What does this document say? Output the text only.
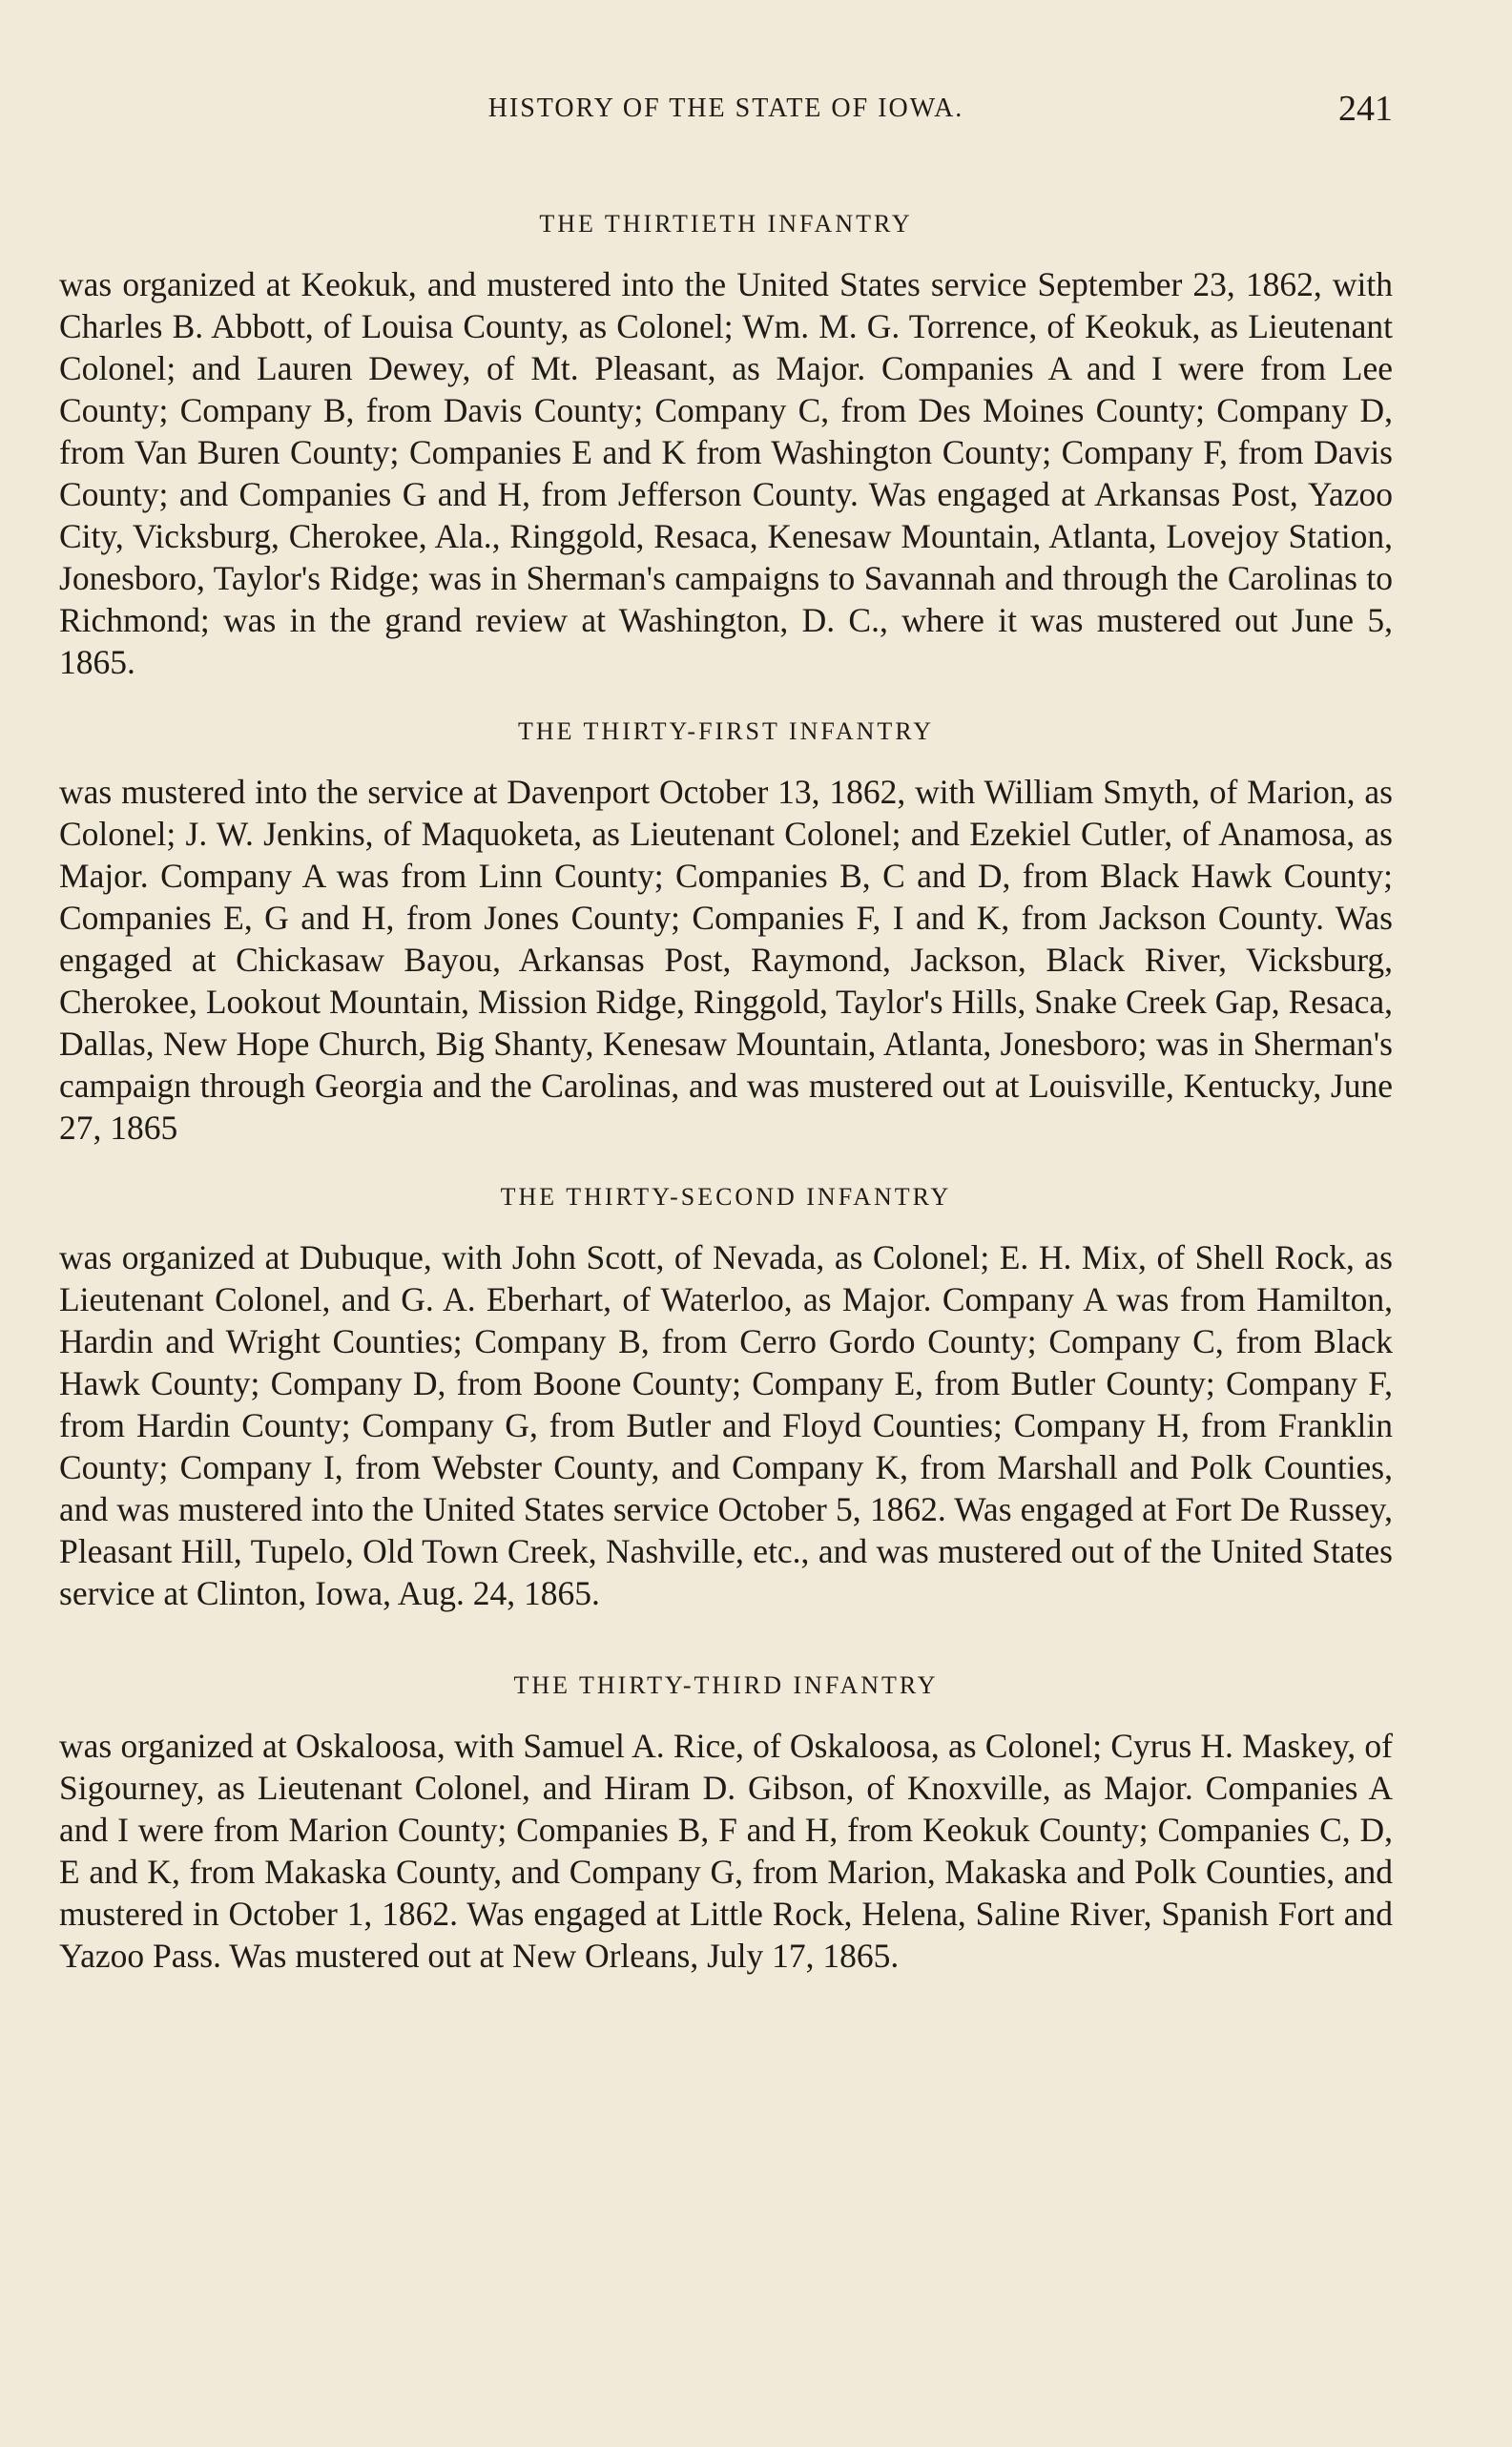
HISTORY OF THE STATE OF IOWA.	241
THE THIRTIETH INFANTRY

was organized at Keokuk, and mustered into the United States service September 23, 1862, with Charles B. Abbott, of Louisa County, as Colonel; Wm. M. G. Torrence, of Keokuk, as Lieutenant Colonel; and Lauren Dewey, of Mt. Pleasant, as Major. Companies A and I were from Lee County; Company B, from Davis County; Company C, from Des Moines County; Company D, from Van Buren County; Companies E and K from Washington County; Company F, from Davis County; and Companies G and H, from Jefferson County. Was engaged at Arkansas Post, Yazoo City, Vicksburg, Cherokee, Ala., Ringgold, Resaca, Kenesaw Mountain, Atlanta, Lovejoy Station, Jonesboro, Taylor's Ridge; was in Sherman's campaigns to Savannah and through the Carolinas to Richmond; was in the grand review at Washington, D. C., where it was mustered out June 5, 1865.

THE THIRTY-FIRST INFANTRY

was mustered into the service at Davenport October 13, 1862, with William Smyth, of Marion, as Colonel; J. W. Jenkins, of Maquoketa, as Lieutenant Colonel; and Ezekiel Cutler, of Anamosa, as Major. Company A was from Linn County; Companies B, C and D, from Black Hawk County; Companies E, G and H, from Jones County; Companies F, I and K, from Jackson County. Was engaged at Chickasaw Bayou, Arkansas Post, Raymond, Jackson, Black River, Vicksburg, Cherokee, Lookout Mountain, Mission Ridge, Ringgold, Taylor's Hills, Snake Creek Gap, Resaca, Dallas, New Hope Church, Big Shanty, Kenesaw Mountain, Atlanta, Jonesboro; was in Sherman's campaign through Georgia and the Carolinas, and was mustered out at Louisville, Kentucky, June 27, 1865

THE THIRTY-SECOND INFANTRY

was organized at Dubuque, with John Scott, of Nevada, as Colonel; E. H. Mix, of Shell Rock, as Lieutenant Colonel, and G. A. Eberhart, of Waterloo, as Major. Company A was from Hamilton, Hardin and Wright Counties; Company B, from Cerro Gordo County; Company C, from Black Hawk County; Company D, from Boone County; Company E, from Butler County; Company F, from Hardin County; Company G, from Butler and Floyd Counties; Company H, from Franklin County; Company I, from Webster County, and Company K, from Marshall and Polk Counties, and was mustered into the United States service October 5, 1862. Was engaged at Fort De Russey, Pleasant Hill, Tupelo, Old Town Creek, Nashville, etc., and was mustered out of the United States service at Clinton, Iowa, Aug. 24, 1865.

THE THIRTY-THIRD INFANTRY

was organized at Oskaloosa, with Samuel A. Rice, of Oskaloosa, as Colonel; Cyrus H. Maskey, of Sigourney, as Lieutenant Colonel, and Hiram D. Gibson, of Knoxville, as Major. Companies A and I were from Marion County; Companies B, F and H, from Keokuk County; Companies C, D, E and K, from Makaska County, and Company G, from Marion, Makaska and Polk Counties, and mustered in October 1, 1862. Was engaged at Little Rock, Helena, Saline River, Spanish Fort and Yazoo Pass. Was mustered out at New Orleans, July 17, 1865.
